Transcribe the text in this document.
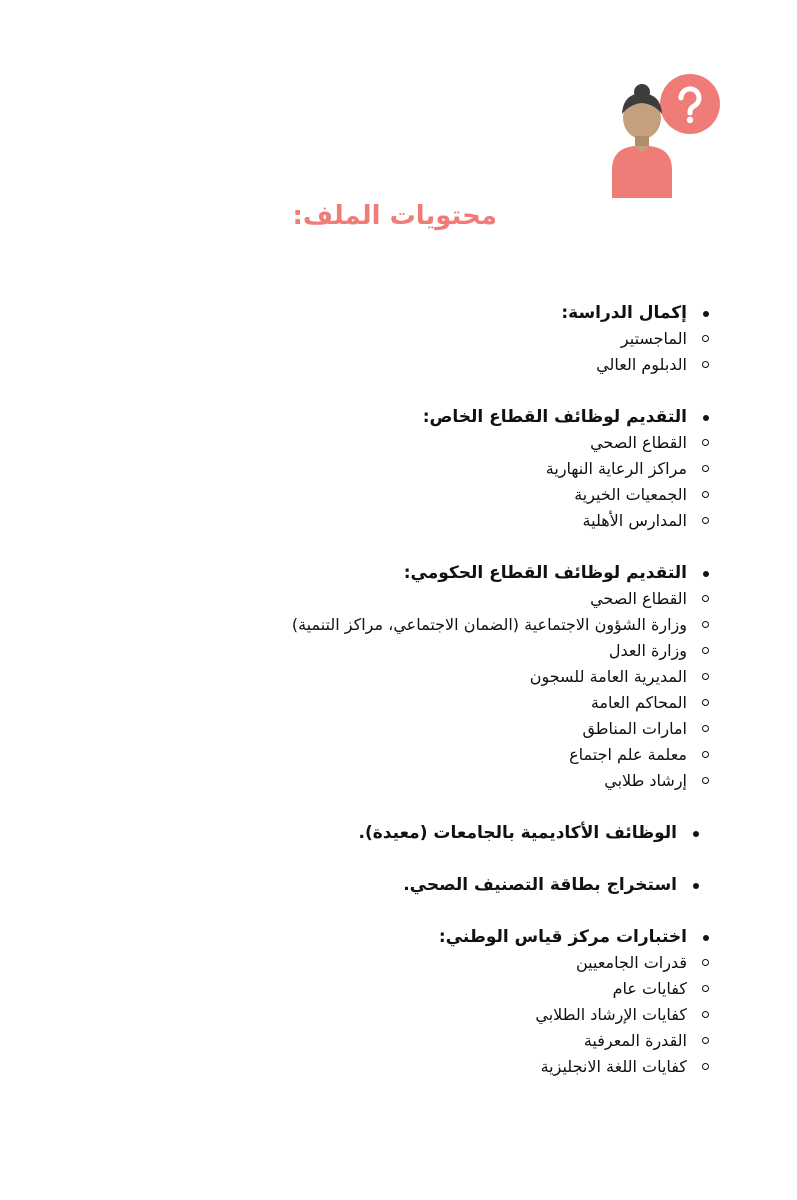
محتويات الملف:
إكمال الدراسة:
الماجستير
الدبلوم العالي
التقديم لوظائف القطاع الخاص:
القطاع الصحي
مراكز الرعاية النهارية
الجمعيات الخيرية
المدارس الأهلية
التقديم لوظائف القطاع الحكومي:
القطاع الصحي
وزارة الشؤون الاجتماعية (الضمان الاجتماعي، مراكز التنمية)
وزارة العدل
المديرية العامة للسجون
المحاكم العامة
امارات المناطق
معلمة علم اجتماع
إرشاد طلابي
الوظائف الأكاديمية بالجامعات (معيدة).
استخراج بطاقة التصنيف الصحي.
اختبارات مركز قياس الوطني:
قدرات الجامعيين
كفايات عام
كفايات الإرشاد الطلابي
القدرة المعرفية
كفايات اللغة الانجليزية
